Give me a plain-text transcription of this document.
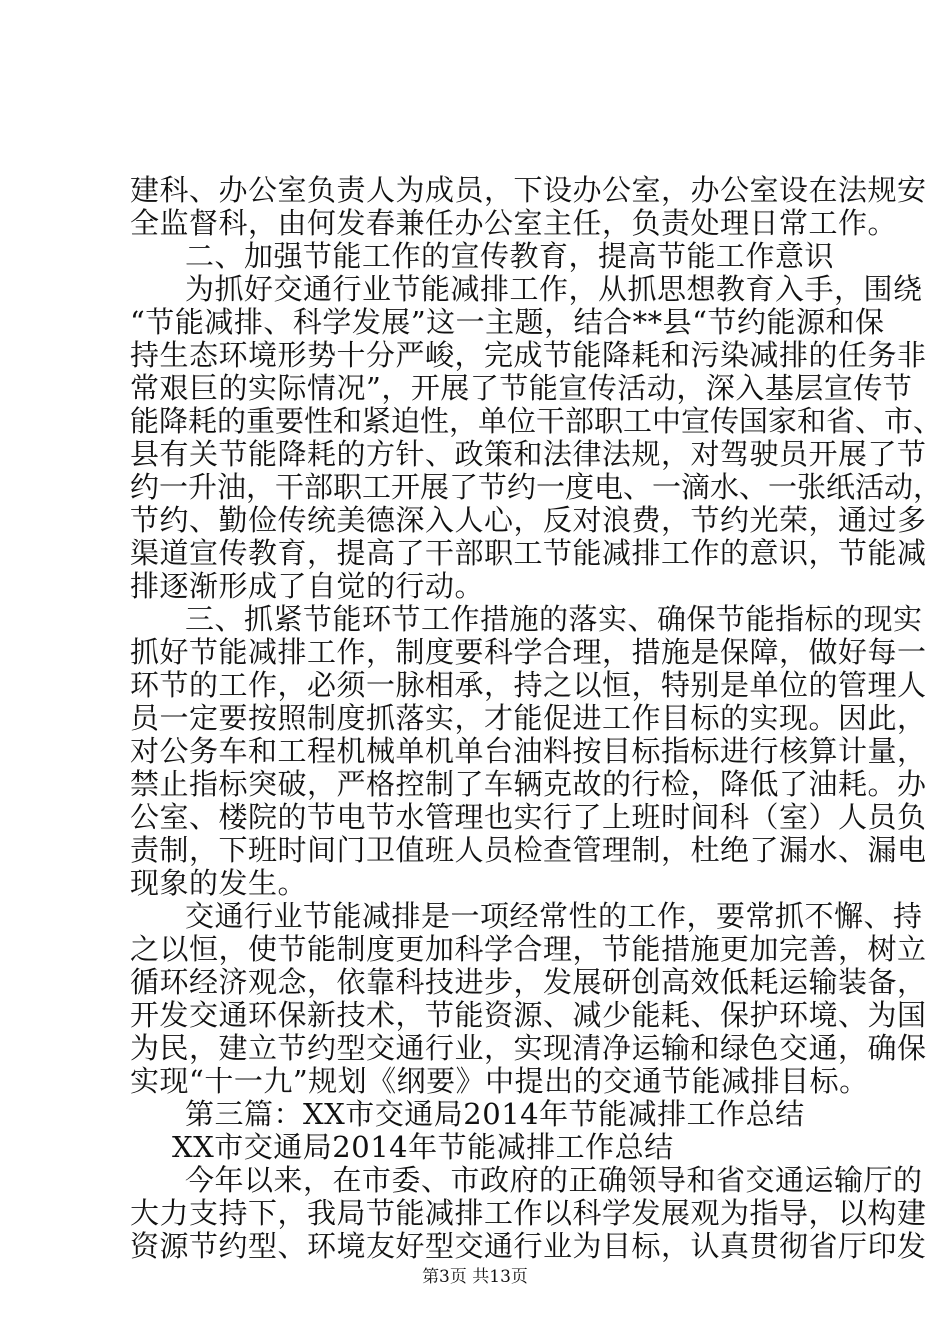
建科、办公室负责人为成员，下设办公室，办公室设在法规安
全监督科，由何发春兼任办公室主任，负责处理日常工作。
二、加强节能工作的宣传教育，提高节能工作意识
为抓好交通行业节能减排工作，从抓思想教育入手，围绕
“节能减排、科学发展”这一主题，结合**县“节约能源和保
持生态环境形势十分严峻，完成节能降耗和污染减排的任务非
常艰巨的实际情况”，开展了节能宣传活动，深入基层宣传节
能降耗的重要性和紧迫性，单位干部职工中宣传国家和省、市、
县有关节能降耗的方针、政策和法律法规，对驾驶员开展了节
约一升油，干部职工开展了节约一度电、一滴水、一张纸活动，
节约、勤俭传统美德深入人心，反对浪费，节约光荣，通过多
渠道宣传教育，提高了干部职工节能减排工作的意识，节能减
排逐渐形成了自觉的行动。
三、抓紧节能环节工作措施的落实、确保节能指标的现实
抓好节能减排工作，制度要科学合理，措施是保障，做好每一
环节的工作，必须一脉相承，持之以恒，特别是单位的管理人
员一定要按照制度抓落实，才能促进工作目标的实现。因此，
对公务车和工程机械单机单台油料按目标指标进行核算计量，
禁止指标突破，严格控制了车辆克故的行检，降低了油耗。办
公室、楼院的节电节水管理也实行了上班时间科（室）人员负
责制，下班时间门卫值班人员检查管理制，杜绝了漏水、漏电
现象的发生。
交通行业节能减排是一项经常性的工作，要常抓不懈、持
之以恒，使节能制度更加科学合理，节能措施更加完善，树立
循环经济观念，依靠科技进步，发展研创高效低耗运输装备，
开发交通环保新技术，节能资源、减少能耗、保护环境、为国
为民，建立节约型交通行业，实现清净运输和绿色交通，确保
实现“十一九”规划《纲要》中提出的交通节能减排目标。
第三篇：XX市交通局2014年节能减排工作总结
XX市交通局2014年节能减排工作总结
今年以来，在市委、市政府的正确领导和省交通运输厅的
大力支持下，我局节能减排工作以科学发展观为指导，以构建
资源节约型、环境友好型交通行业为目标，认真贯彻省厅印发
第3页 共13页
